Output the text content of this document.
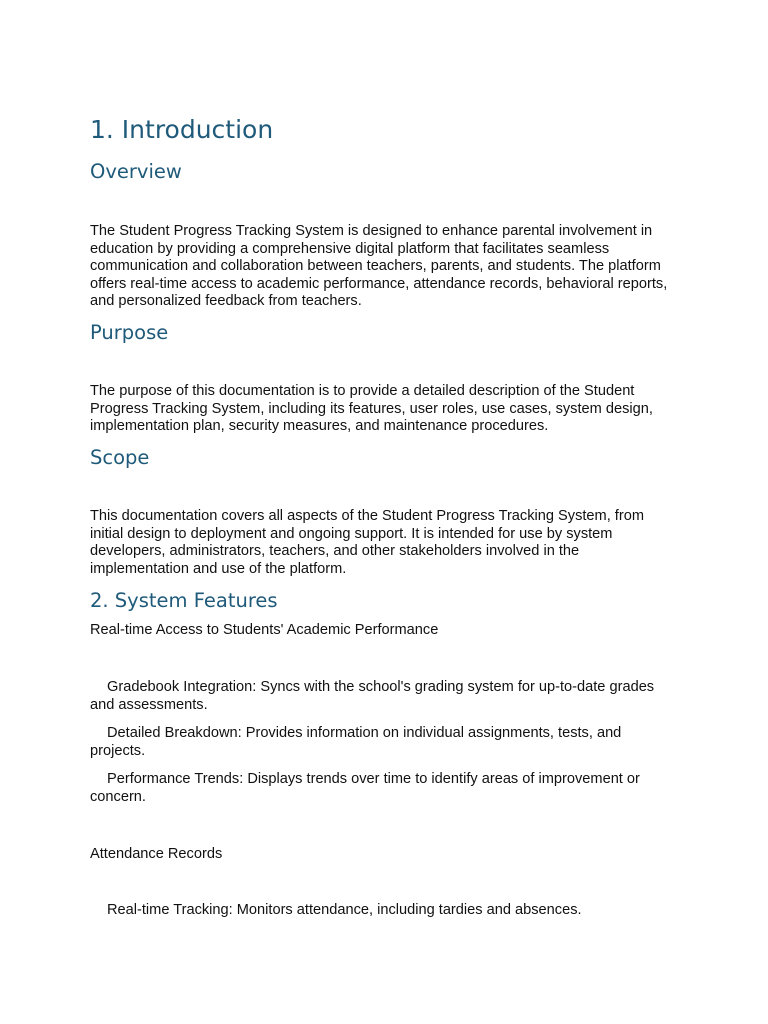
1. Introduction
Overview

The Student Progress Tracking System is designed to enhance parental involvement in education by providing a comprehensive digital platform that facilitates seamless communication and collaboration between teachers, parents, and students. The platform offers real-time access to academic performance, attendance records, behavioral reports, and personalized feedback from teachers.

Purpose

The purpose of this documentation is to provide a detailed description of the Student Progress Tracking System, including its features, user roles, use cases, system design, implementation plan, security measures, and maintenance procedures.

Scope

This documentation covers all aspects of the Student Progress Tracking System, from initial design to deployment and ongoing support. It is intended for use by system developers, administrators, teachers, and other stakeholders involved in the implementation and use of the platform.

2. System Features

Real-time Access to Students' Academic Performance

Gradebook Integration: Syncs with the school's grading system for up-to-date grades and assessments.

Detailed Breakdown: Provides information on individual assignments, tests, and projects.

Performance Trends: Displays trends over time to identify areas of improvement or concern.

Attendance Records

Real-time Tracking: Monitors attendance, including tardies and absences.
